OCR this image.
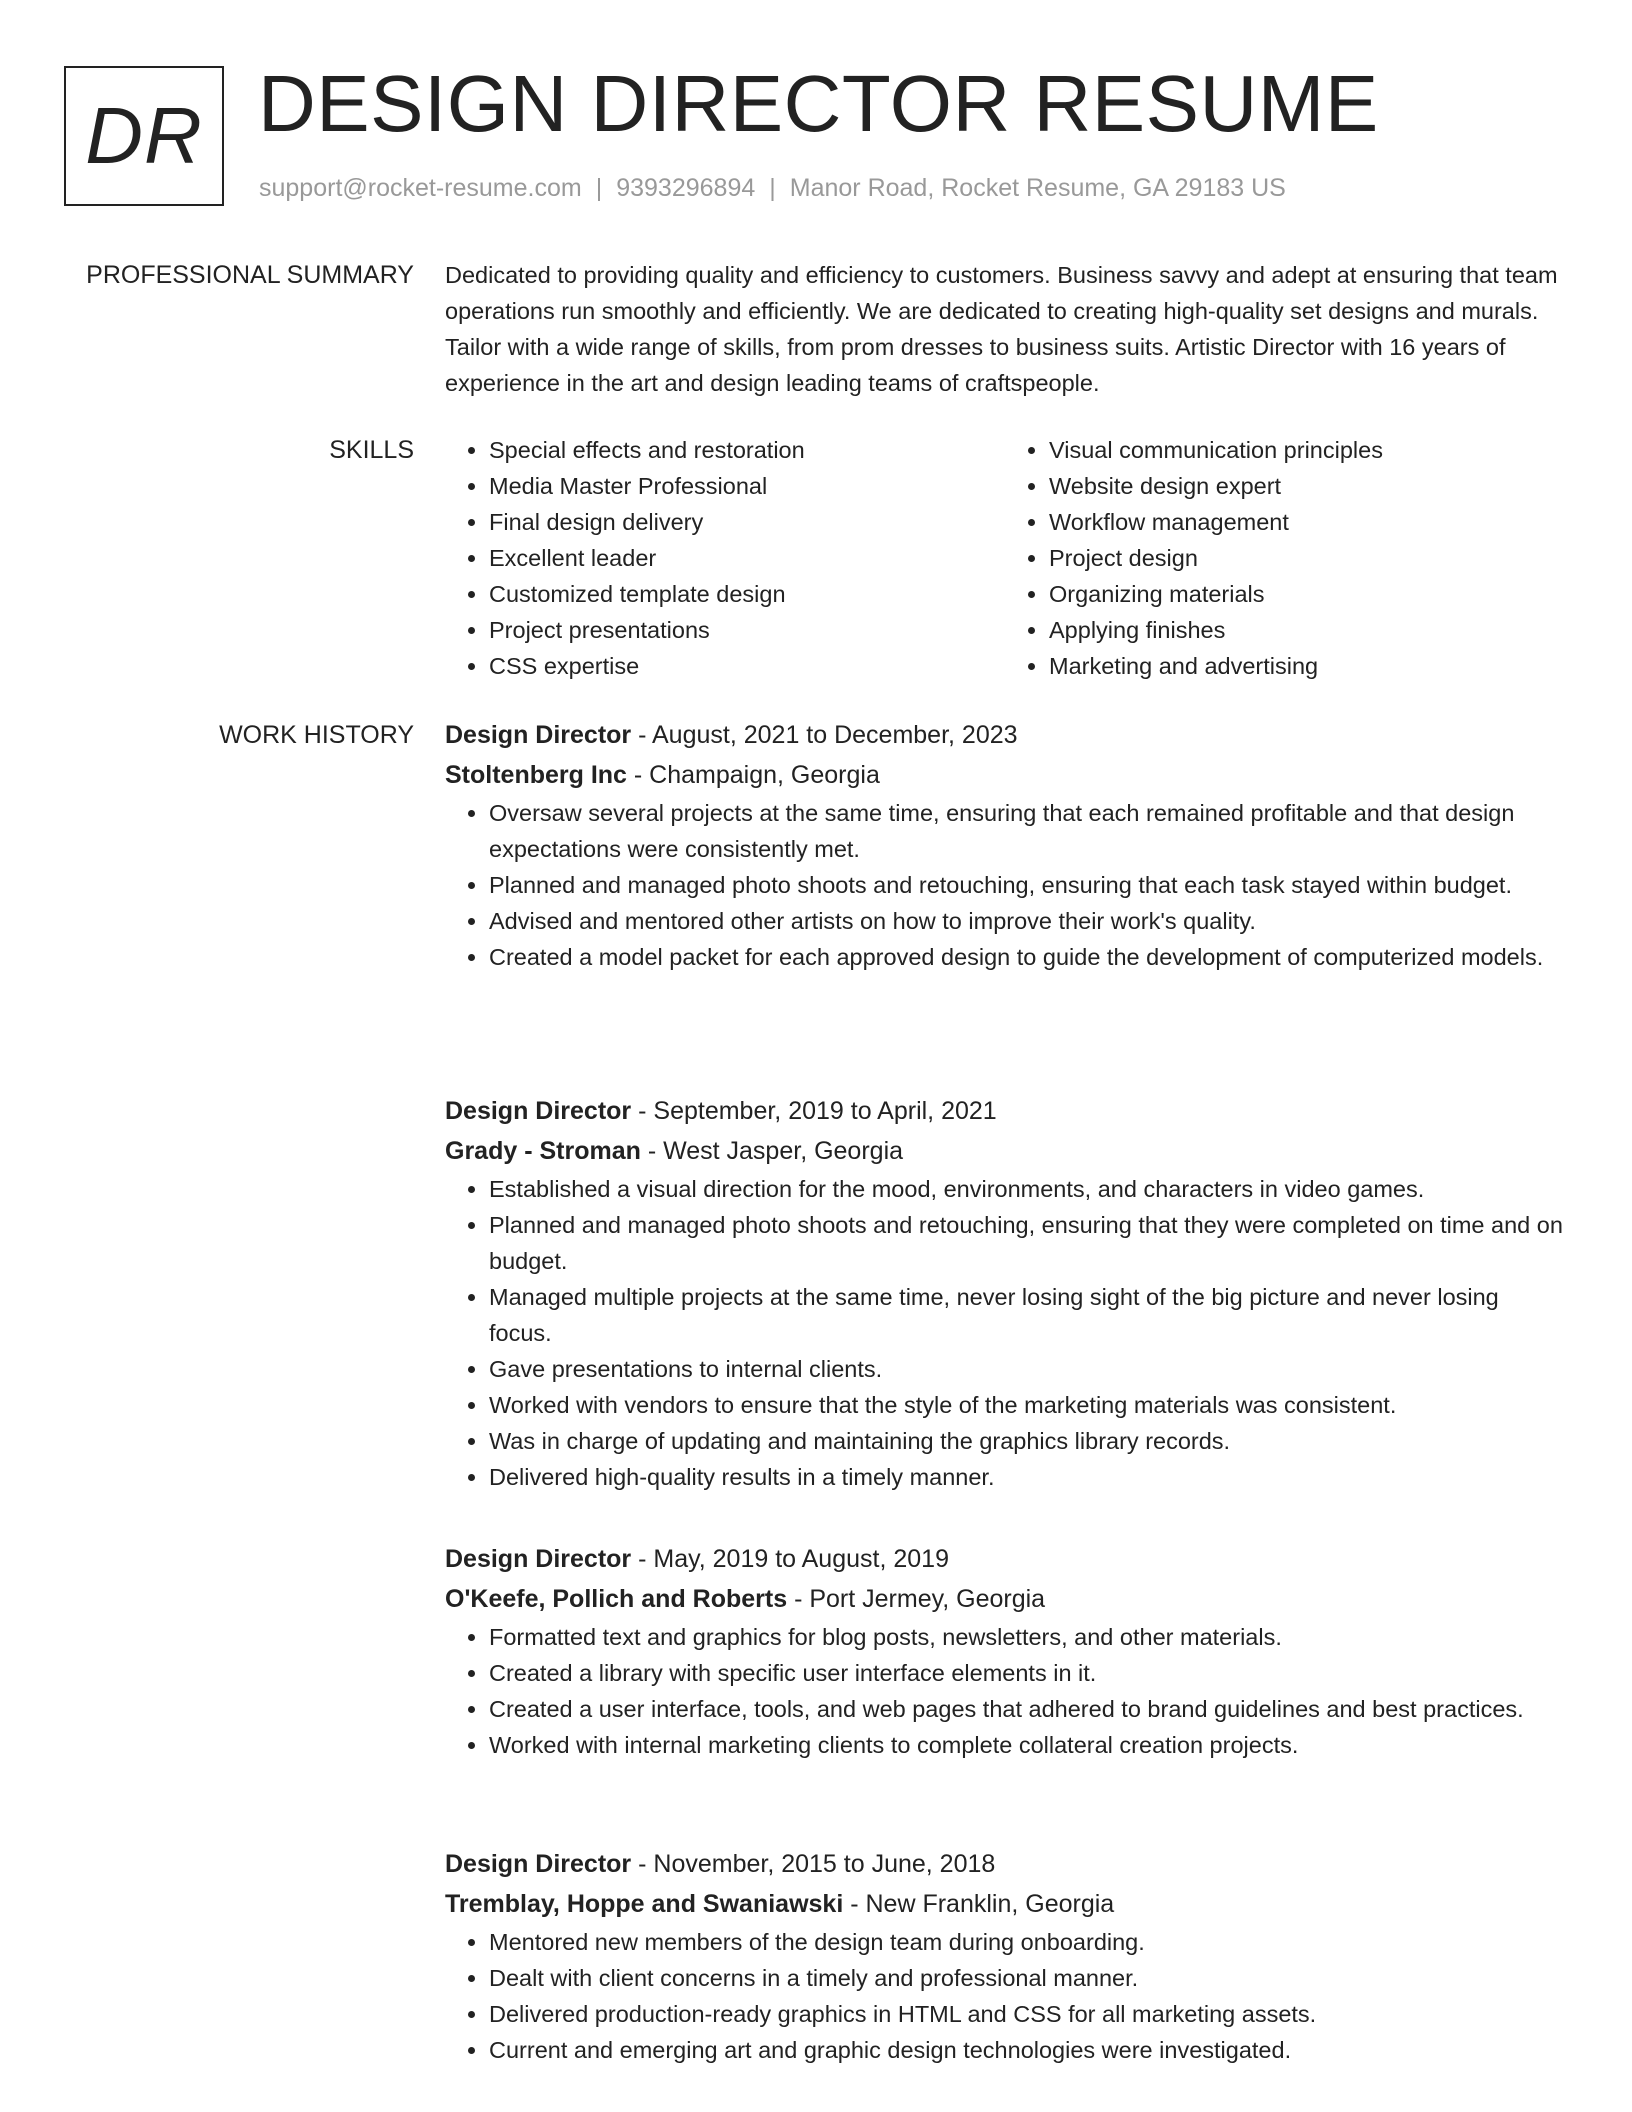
DR DESIGN DIRECTOR RESUME
support@rocket-resume.com | 9393296894 | Manor Road, Rocket Resume, GA 29183 US
PROFESSIONAL SUMMARY Dedicated to providing quality and efficiency to customers. Business savvy and adept at ensuring that team operations run smoothly and efficiently. We are dedicated to creating high-quality set designs and murals. Tailor with a wide range of skills, from prom dresses to business suits. Artistic Director with 16 years of experience in the art and design leading teams of craftspeople.
SKILLS
•	Special effects and restoration
• Media Master Professional
• Final design delivery
• Excellent leader
• Customized template design
• Project presentations
• CSS expertise
• Visual communication principles
• Website design expert
• Workflow management
• Project design
• Organizing materials
• Applying finishes
• Marketing and advertising
WORK HISTORY Design Director - August, 2021 to December, 2023
Stoltenberg Inc - Champaign, Georgia
• Oversaw several projects at the same time, ensuring that each remained profitable and that design expectations were consistently met.
• Planned and managed photo shoots and retouching, ensuring that each task stayed within budget.
• Advised and mentored other artists on how to improve their work's quality.
• Created a model packet for each approved design to guide the development of computerized models.
Design Director - September, 2019 to April, 2021
Grady - Stroman - West Jasper, Georgia
• Established a visual direction for the mood, environments, and characters in video games.
• Planned and managed photo shoots and retouching, ensuring that they were completed on time and on budget.
• Managed multiple projects at the same time, never losing sight of the big picture and never losing focus.
• Gave presentations to internal clients.
• Worked with vendors to ensure that the style of the marketing materials was consistent.
• Was in charge of updating and maintaining the graphics library records.
• Delivered high-quality results in a timely manner.
Design Director - May, 2019 to August, 2019
O'Keefe, Pollich and Roberts - Port Jermey, Georgia
• Formatted text and graphics for blog posts, newsletters, and other materials.
• Created a library with specific user interface elements in it.
• Created a user interface, tools, and web pages that adhered to brand guidelines and best practices.
• Worked with internal marketing clients to complete collateral creation projects.
Design Director - November, 2015 to June, 2018
Tremblay, Hoppe and Swaniawski - New Franklin, Georgia
• Mentored new members of the design team during onboarding.
• Dealt with client concerns in a timely and professional manner.
• Delivered production-ready graphics in HTML and CSS for all marketing assets.
• Current and emerging art and graphic design technologies were investigated.
